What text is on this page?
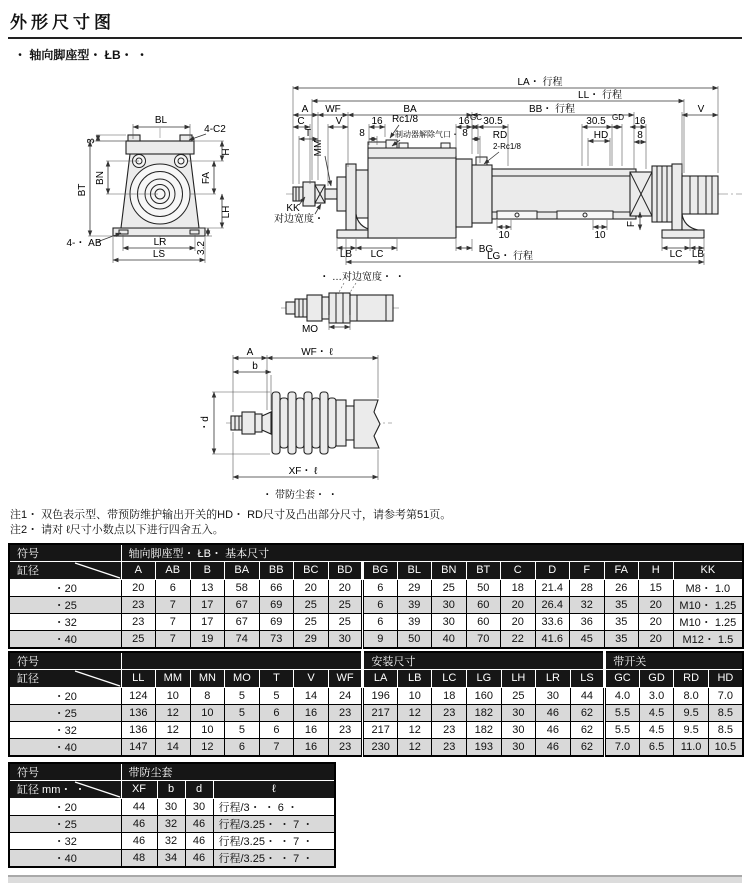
外形尺寸图
・ 轴向脚座型・ ŁB・ ・
BL
4-C2
3
BN
BT
H
FA
LH
3.2
LR
LS
4-・ AB
LA・ 行程
LL・ 行程
A WF	BA	BB・ 行程	V
C	V	16 Rc1/8	16 GC 30.5	30.5 GD 16
T	8	制动器解除气口・ 8 RD
2-Rc1/8
HD	8
MM
KK
对边宽度・
LB LC	BG
10	10
F
LC LB
LG・ 行程
・ …对边宽度・ ・
MO
A	WF・ ℓ
b
・d
XF・ ℓ
・ 带防尘套・ ・
注1・ 双色表示型、带预防维护输出开关的HD・ RD尺寸及凸出部分尺寸，请参考第51页。
注2・ 请对 ℓ尺寸小数点以下进行四舍五入。
符号	轴向脚座型・ ŁB・ 基本尺寸																
缸径	A	AB	B	BA	BB	BC	BD	BG	BL	BN	BT	C	D	F	FA	H	KK
・20	20	6	13	58	66	20	20	6	29	25	50	18	21.4	28	26	15	M8・ 1.0
・25	23	7	17	67	69	25	25	6	39	30	60	20	26.4	32	35	20	M10・ 1.25
・32	23	7	17	67	69	25	25	6	39	30	60	20	33.6	36	35	20	M10・ 1.25
・40	25	7	19	74	73	29	30	9	50	40	70	22	41.6	45	35	20	M12・ 1.5
符号								安装尺寸							带开关			
缸径	LL	MM	MN	MO	T	V	WF	LA	LB	LC	LG	LH	LR	LS	GC	GD	RD	HD
・20	124	10	8	5	5	14	24	196	10	18	160	25	30	44	4.0	3.0	8.0	7.0
・25	136	12	10	5	6	16	23	217	12	23	182	30	46	62	5.5	4.5	9.5	8.5
・32	136	12	10	5	6	16	23	217	12	23	182	30	46	62	5.5	4.5	9.5	8.5
・40	147	14	12	6	7	16	23	230	12	23	193	30	46	62	7.0	6.5	11.0	10.5
符号	带防尘套			
缸径 mm・ ・	XF	b	d	ℓ
・20	44	30	30	行程/3・ ・ 6 ・
・25	46	32	46	行程/3.25・ ・ 7 ・
・32	46	32	46	行程/3.25・ ・ 7 ・
・40	48	34	46	行程/3.25・ ・ 7 ・
